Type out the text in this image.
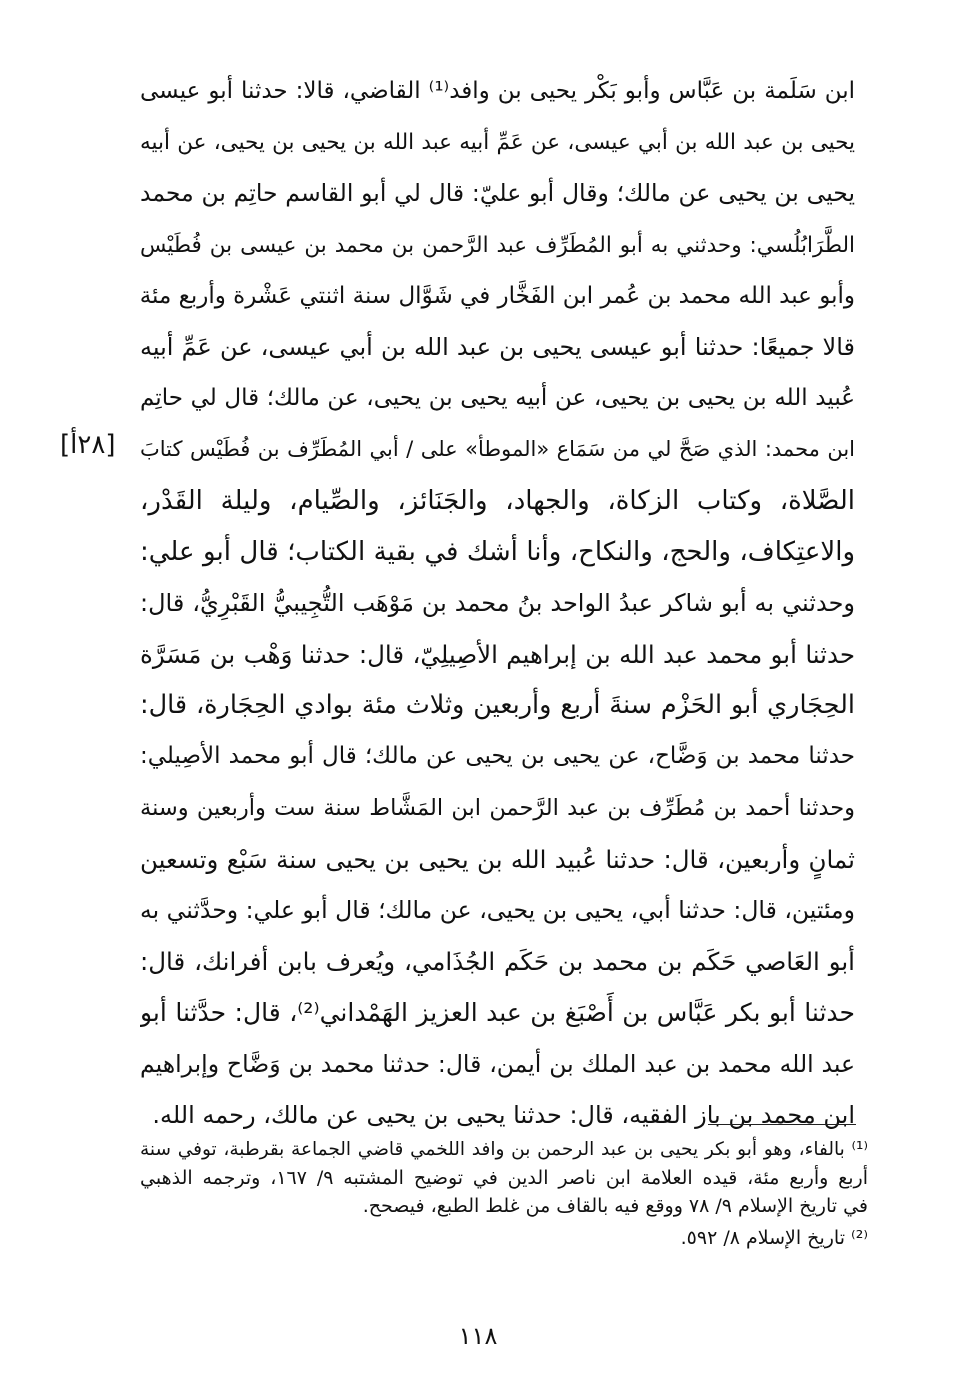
ابن سَلَمة بن عَبَّاس وأبو بَكْر يحيى بن وافد⁽¹⁾ القاضي، قالا: حدثنا أبو عيسى
يحيى بن عبد الله بن أبي عيسى، عن عَمِّ أبيه عبد الله بن يحيى بن يحيى، عن أبيه
يحيى بن يحيى عن مالك؛ وقال أبو عليّ: قال لي أبو القاسم حاتِم بن محمد
الطَّرَابُلُسي: وحدثني به أبو المُطَرِّف عبد الرَّحمن بن محمد بن عيسى بن فُطَيْس
وأبو عبد الله محمد بن عُمر ابن الفَخَّار في شَوَّال سنة اثنتي عَشْرة وأربع مئة
قالا جميعًا: حدثنا أبو عيسى يحيى بن عبد الله بن أبي عيسى، عن عَمِّ أبيه
عُبيد الله بن يحيى بن يحيى، عن أبيه يحيى بن يحيى، عن مالك؛ قال لي حاتِم
ابن محمد: الذي صَحَّ لي من سَمَاع «الموطأ» على / أبي المُطَرِّف بن فُطَيْس كتابَ
الصَّلاة، وكتاب الزكاة، والجهاد، والجَنَائز، والصِّيام، وليلة القَدْر،
والاعتِكاف، والحج، والنكاح، وأنا أشك في بقية الكتاب؛ قال أبو علي:
وحدثني به أبو شاكر عبدُ الواحد بنُ محمد بن مَوْهَب التُّجِيبيُّ القَبْرِيُّ، قال:
حدثنا أبو محمد عبد الله بن إبراهيم الأصِيلِيّ، قال: حدثنا وَهْب بن مَسَرَّة
الحِجَاري أبو الحَزْم سنةَ أربع وأربعين وثلاث مئة بوادي الحِجَارة، قال:
حدثنا محمد بن وَضَّاح، عن يحيى بن يحيى عن مالك؛ قال أبو محمد الأصِيلي:
وحدثنا أحمد بن مُطَرِّف بن عبد الرَّحمن ابن المَشَّاط سنة ست وأربعين وسنة
ثمانٍ وأربعين، قال: حدثنا عُبيد الله بن يحيى بن يحيى سنة سَبْع وتسعين
ومئتين، قال: حدثنا أبي، يحيى بن يحيى، عن مالك؛ قال أبو علي: وحدَّثني به
أبو العَاصي حَكَم بن محمد بن حَكَم الجُذَامي، ويُعرف بابن أفرانك، قال:
حدثنا أبو بكر عَبَّاس بن أَصْبَغ بن عبد العزيز الهَمْداني⁽²⁾، قال: حدَّثنا أبو
عبد الله محمد بن عبد الملك بن أيمن، قال: حدثنا محمد بن وَضَّاح وإبراهيم
ابن محمد بن باز الفقيه، قال: حدثنا يحيى بن يحيى عن مالك، رحمه الله.
[٢٨أ]
⁽¹⁾ بالفاء، وهو أبو بكر يحيى بن عبد الرحمن بن وافد اللخمي قاضي الجماعة بقرطبة، توفي سنة
أربع وأربع مئة، قيده العلامة ابن ناصر الدين في توضيح المشتبه ٩/ ١٦٧، وترجمه الذهبي
في تاريخ الإسلام ٩/ ٧٨ ووقع فيه بالقاف من غلط الطبع، فيصحح.
⁽²⁾ تاريخ الإسلام ٨/ ٥٩٢.
١١٨
